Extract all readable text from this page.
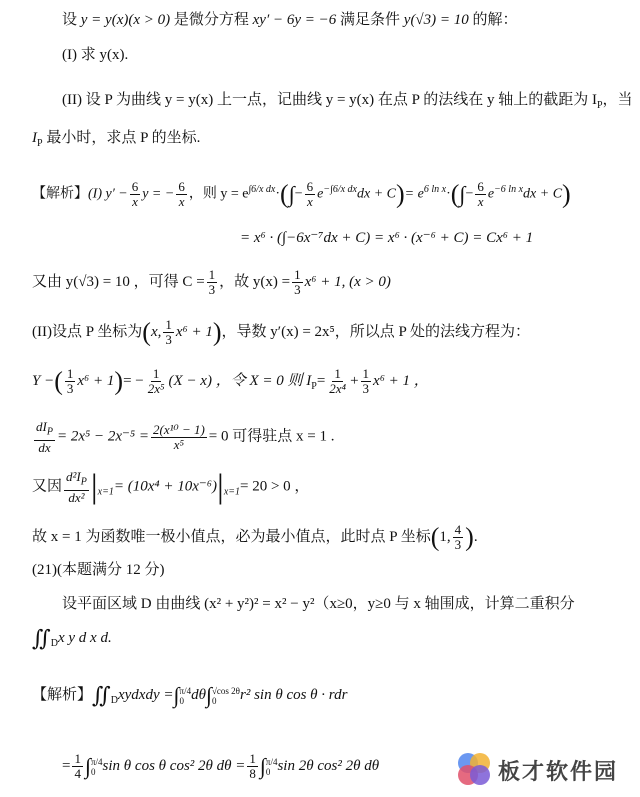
设 y = y(x)(x > 0) 是微分方程 xy′ − 6y = −6 满足条件 y(√3) = 10 的解：
(I) 求 y(x).
(II) 设 P 为曲线 y = y(x) 上一点，记曲线 y = y(x) 在点 P 的法线在 y 轴上的截距为 $I_P$，当
$I_P$ 最小时，求点 P 的坐标.
【解析】(I) $y' - \frac{6}{x}$ y = − $\frac{6}{x}$ ，则 $y = e^{\int 6/x dx}\cdot(\int- \frac{6}{x} e^{-\int 6/x dx}dx + C)= e^{6 ln x}\cdot(\int- \frac{6}{x} e^{-6 ln x}dx + C)$
= x⁶ · (∫−6x⁻⁷dx + C) = x⁶ · (x⁻⁶ + C) = Cx⁶ + 1
又由 y(√3) = 10 ，可得 $C = \frac{1}{3}$ ，故 $y(x) = \frac{1}{3} x^6 + 1$, (x > 0)
(II)设点 P 坐标为(x, $\frac{1}{3} x^6 + 1$)，导数 y′(x) = 2x⁵，所以点 P 处的法线方程为：
Y −( $\frac{1}{3} x^6 + 1)= - \frac{1}{\text{2x⁵}} (X - x)$ ，令 X = 0 则 $I_P= \frac{1}{\text{2x⁴}} + \frac{1}{3} x^6 + 1$ ，
$\frac{dI_P}{dx} = 2x^5 - 2x^{-5} = \frac{\text{2(x¹⁰ − 1)}}{\text{x⁵}} = 0$ 可得驻点 x = 1 .
又因 $\frac{d^2I_P}{\text{dx²}} |_{x=1}= (10x^4 + 10x^{-6})|_{x=1}= 20 > 0$ ，
故 x = 1 为函数唯一极小值点，必为最小值点，此时点 P 坐标(1, $\frac{4}{3}$ ).
(21)(本题满分 12 分)
设平面区域 D 由曲线 (x² + y²)² = x² − y²（x≥0，y≥0 与 x 轴围成，计算二重积分
$∬_Dx$ y d x d.
【解析】$∬_Dxydxdy$ =∫ π/4
0 dθ∫ √cos 2θ
0	r² sin θ cos θ · rdr
= $\frac{1}{4}$ ∫ π/4
0 sin θ cos θ cos² 2θ $d\theta = \frac{1}{8}$ ∫ π/4
0 sin 2θ cos² 2θ dθ	板才软件园
